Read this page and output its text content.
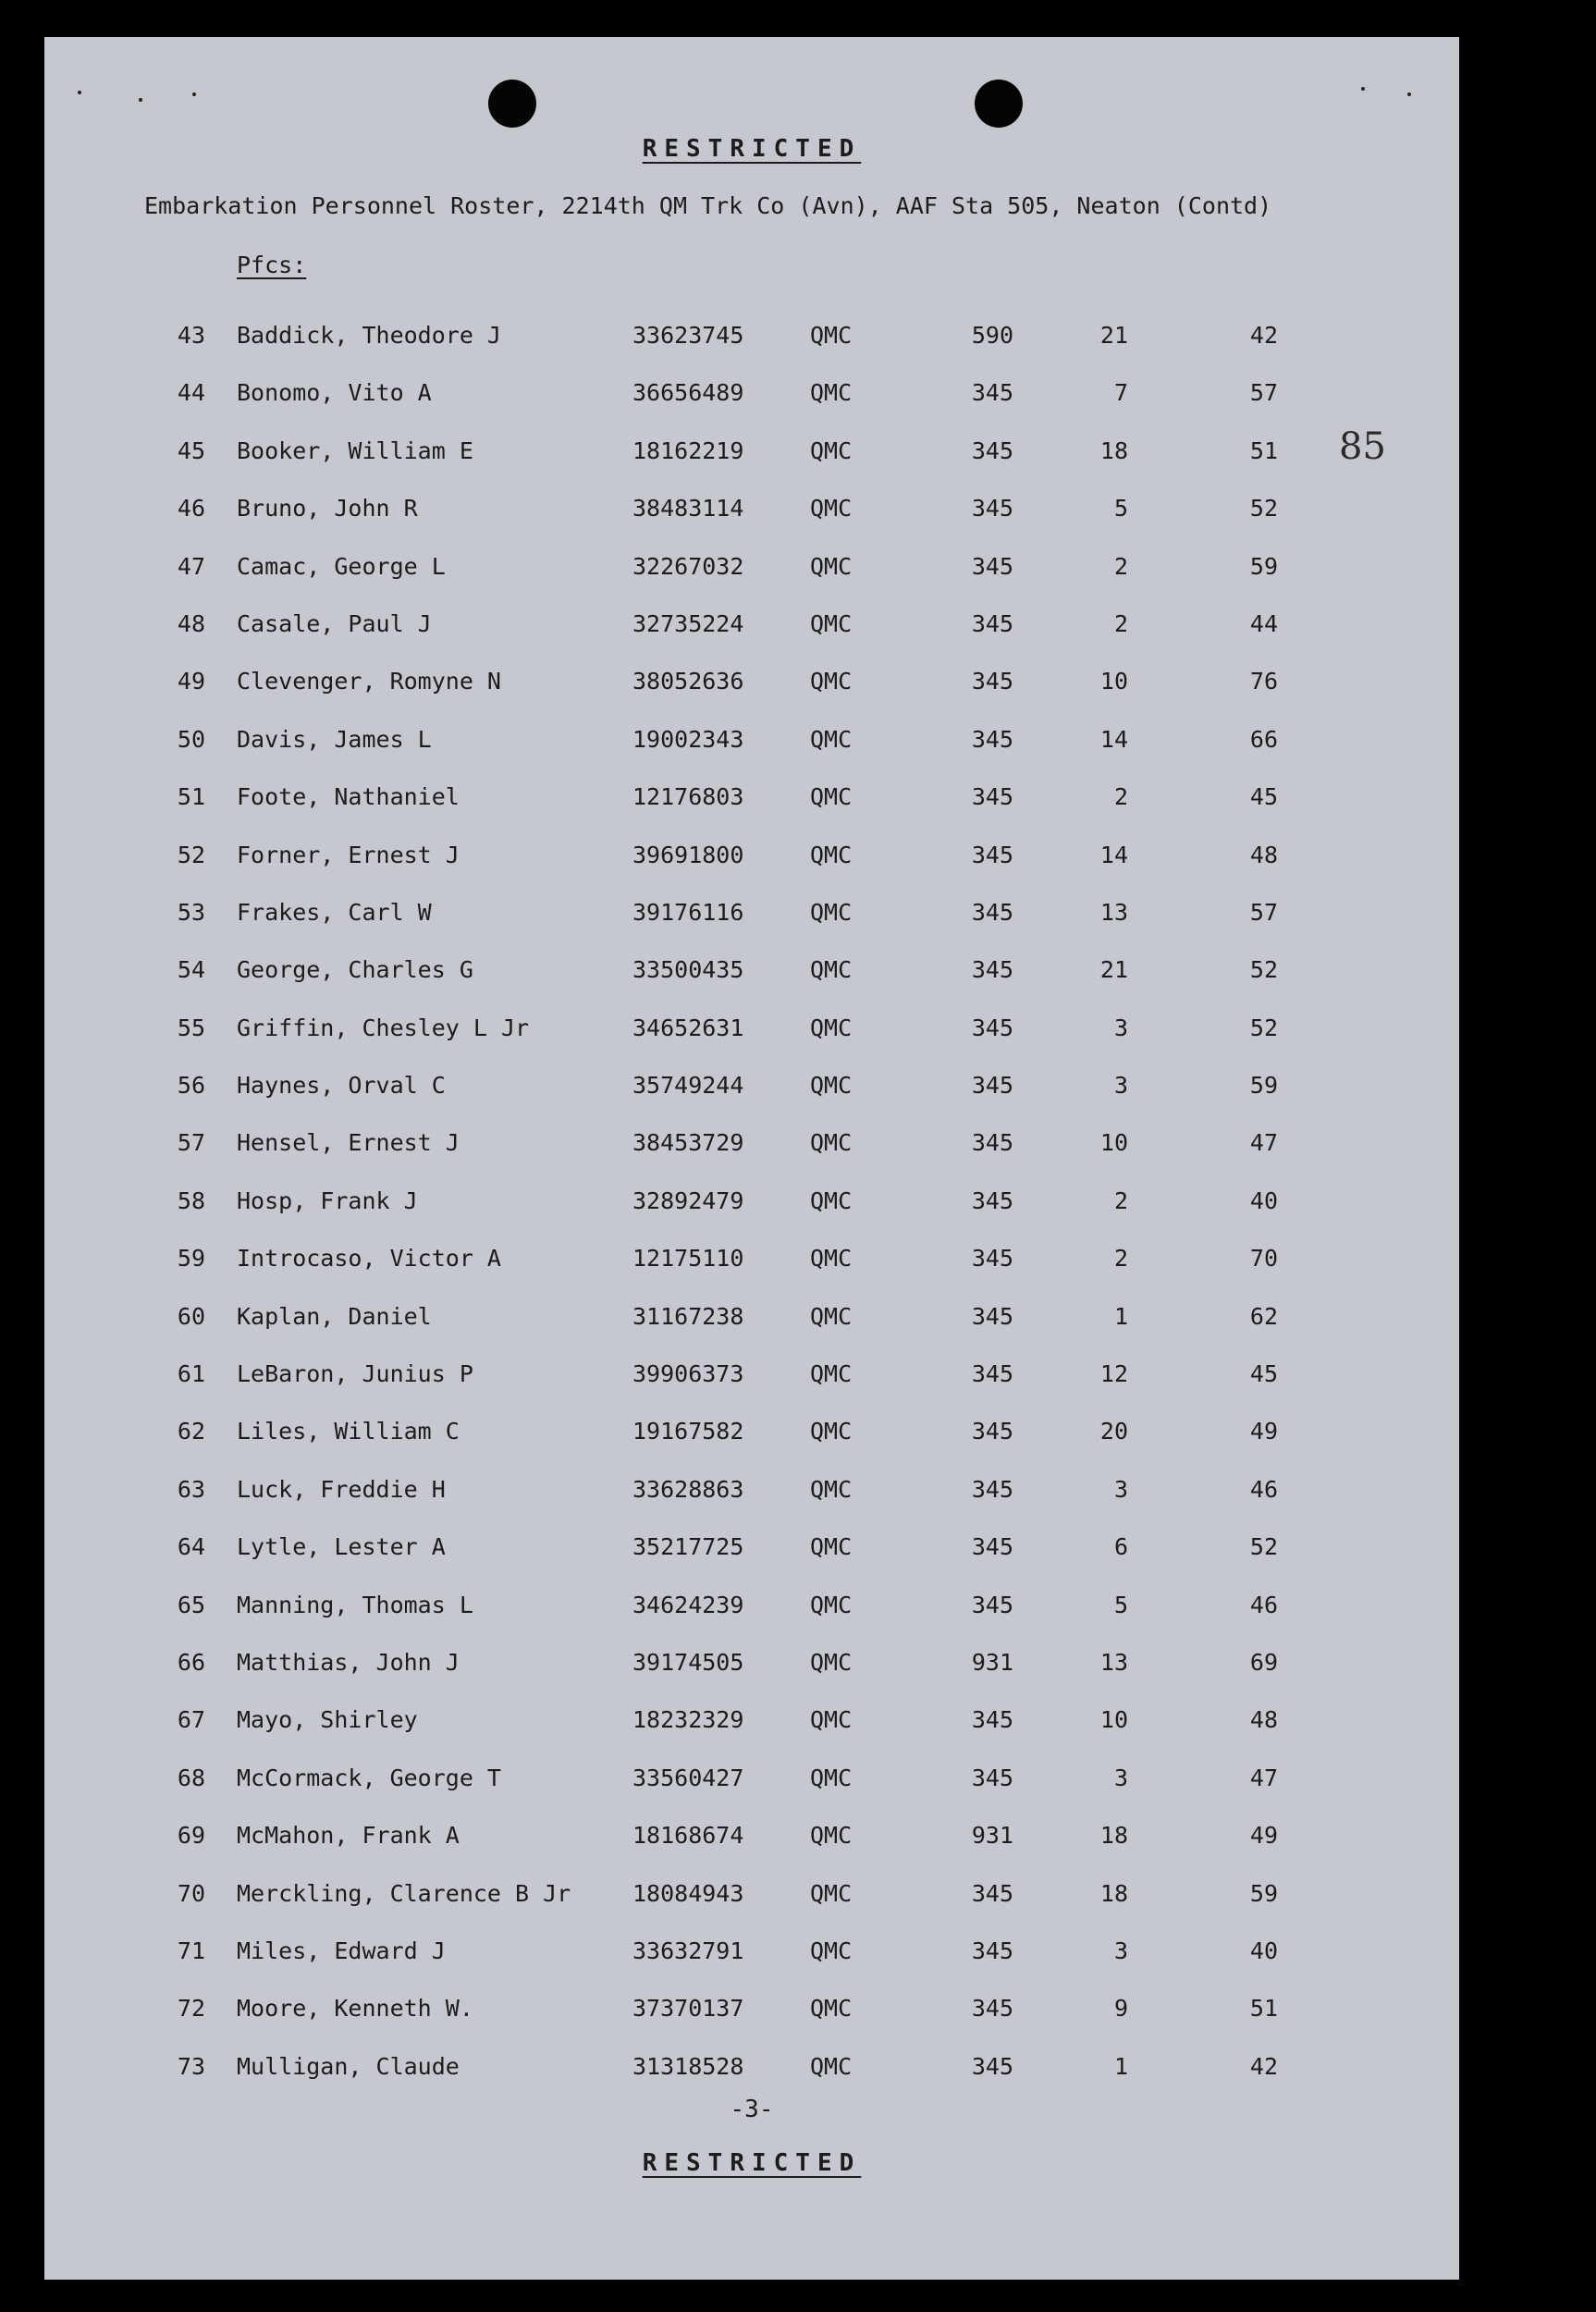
RESTRICTED
Embarkation Personnel Roster, 2214th QM Trk Co (Avn), AAF Sta 505, Neaton (Contd)
Pfcs:
85
43 Baddick, Theodore J	33623745	QMC	590	21	42
44 Bonomo, Vito A	36656489	QMC	345	7	57
45 Booker, William E	18162219	QMC	345	18	51
46 Bruno, John R	38483114	QMC	345	5	52
47 Camac, George L	32267032	QMC	345	2	59
48 Casale, Paul J	32735224	QMC	345	2	44
49 Clevenger, Romyne N	38052636	QMC	345	10	76
50 Davis, James L	19002343	QMC	345	14	66
51 Foote, Nathaniel	12176803	QMC	345	2	45
52 Forner, Ernest J	39691800	QMC	345	14	48
53 Frakes, Carl W	39176116	QMC	345	13	57
54 George, Charles G	33500435	QMC	345	21	52
55 Griffin, Chesley L Jr	34652631	QMC	345	3	52
56 Haynes, Orval C	35749244	QMC	345	3	59
57 Hensel, Ernest J	38453729	QMC	345	10	47
58 Hosp, Frank J	32892479	QMC	345	2	40
59 Introcaso, Victor A	12175110	QMC	345	2	70
60 Kaplan, Daniel	31167238	QMC	345	1	62
61 LeBaron, Junius P	39906373	QMC	345	12	45
62 Liles, William C	19167582	QMC	345	20	49
63 Luck, Freddie H	33628863	QMC	345	3	46
64 Lytle, Lester A	35217725	QMC	345	6	52
65 Manning, Thomas L	34624239	QMC	345	5	46
66 Matthias, John J	39174505	QMC	931	13	69
67 Mayo, Shirley	18232329	QMC	345	10	48
68 McCormack, George T	33560427	QMC	345	3	47
69 McMahon, Frank A	18168674	QMC	931	18	49
70 Merckling, Clarence B Jr	18084943	QMC	345	18	59
71 Miles, Edward J	33632791	QMC	345	3	40
72 Moore, Kenneth W.	37370137	QMC	345	9	51
73 Mulligan, Claude	31318528	QMC	345	1	42
-3-
RESTRICTED
